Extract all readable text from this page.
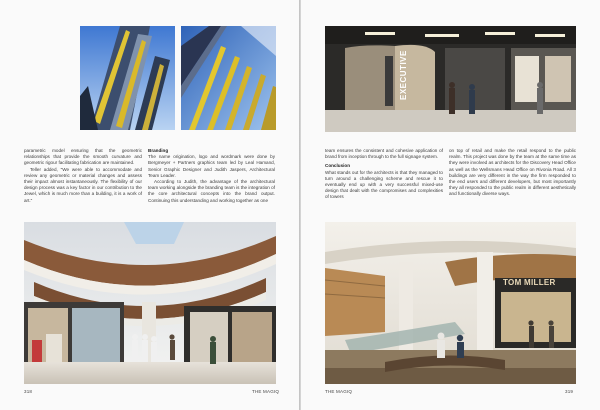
parametric model ensuring that the geometric relationships that provide the smooth curvature and geometric rigour facilitating fabrication are maintained.

Teller added, "We were able to accommodate and review any geometric or material changes and assess their impact almost instantaneously. The flexibility of our design process was a key factor in our contribution to the Jewel, which is much more than a building, it is a work of art."

Branding

The name origination, logo and wordmark were done by Bergmeyer + Partners graphics team led by Leal Hamand, Senior Graphic Designer and Judith Jaspers, Architectural Team Leader.

According to Judith, the advantage of the architectural team working alongside the branding team is the integration of the core architectural concepts into the brand output. Continuing this understanding and working together as one

318	THE MAGIQ
EXECUTIVE

team ensures the consistent and cohesive application of brand from inception through to the full signage system.

Conclusion

What stands out for the architects is that they managed to turn around a challenging scheme and rescue it to eventually end up with a very successful mixed-use design that dealt with the compromises and complexities of towers

on top of retail and make the retail respond to the public realm. This project was done by the team at the same time as they were involved as architects for the Discovery Head Office as well as the Wellsmans Head Office on Rivonia Road. All 3 buildings are very different in the way the firm responded to the end users and different developers, but most importantly they all responded to the public realm in different aesthetically and functionally diverse ways.

TOM MILLER
THE MAGIQ	319
